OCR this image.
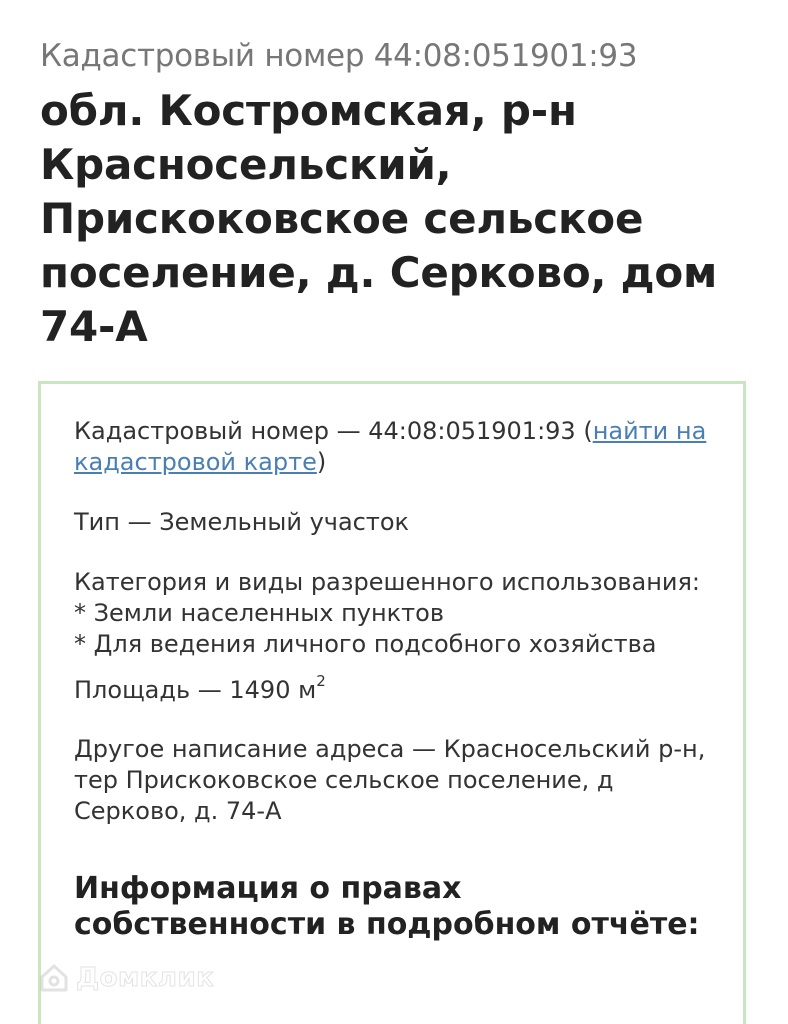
Кадастровый номер 44:08:051901:93
обл. Костромская, р-н Красносельский, Прискоковское сельское поселение, д. Серково, дом 74-А

Кадастровый номер — 44:08:051901:93 (найти на кадастровой карте)

Тип — Земельный участок

Категория и виды разрешенного использования:

* Земли населенных пунктов

* Для ведения личного подсобного хозяйства

Площадь — 1490 $м^2$

Другое написание адреса — Красносельский р-н, тер Прискоковское сельское поселение, д Серково, д. 74-А

Информация о правах собственности в подробном отчёте:
Домклик
